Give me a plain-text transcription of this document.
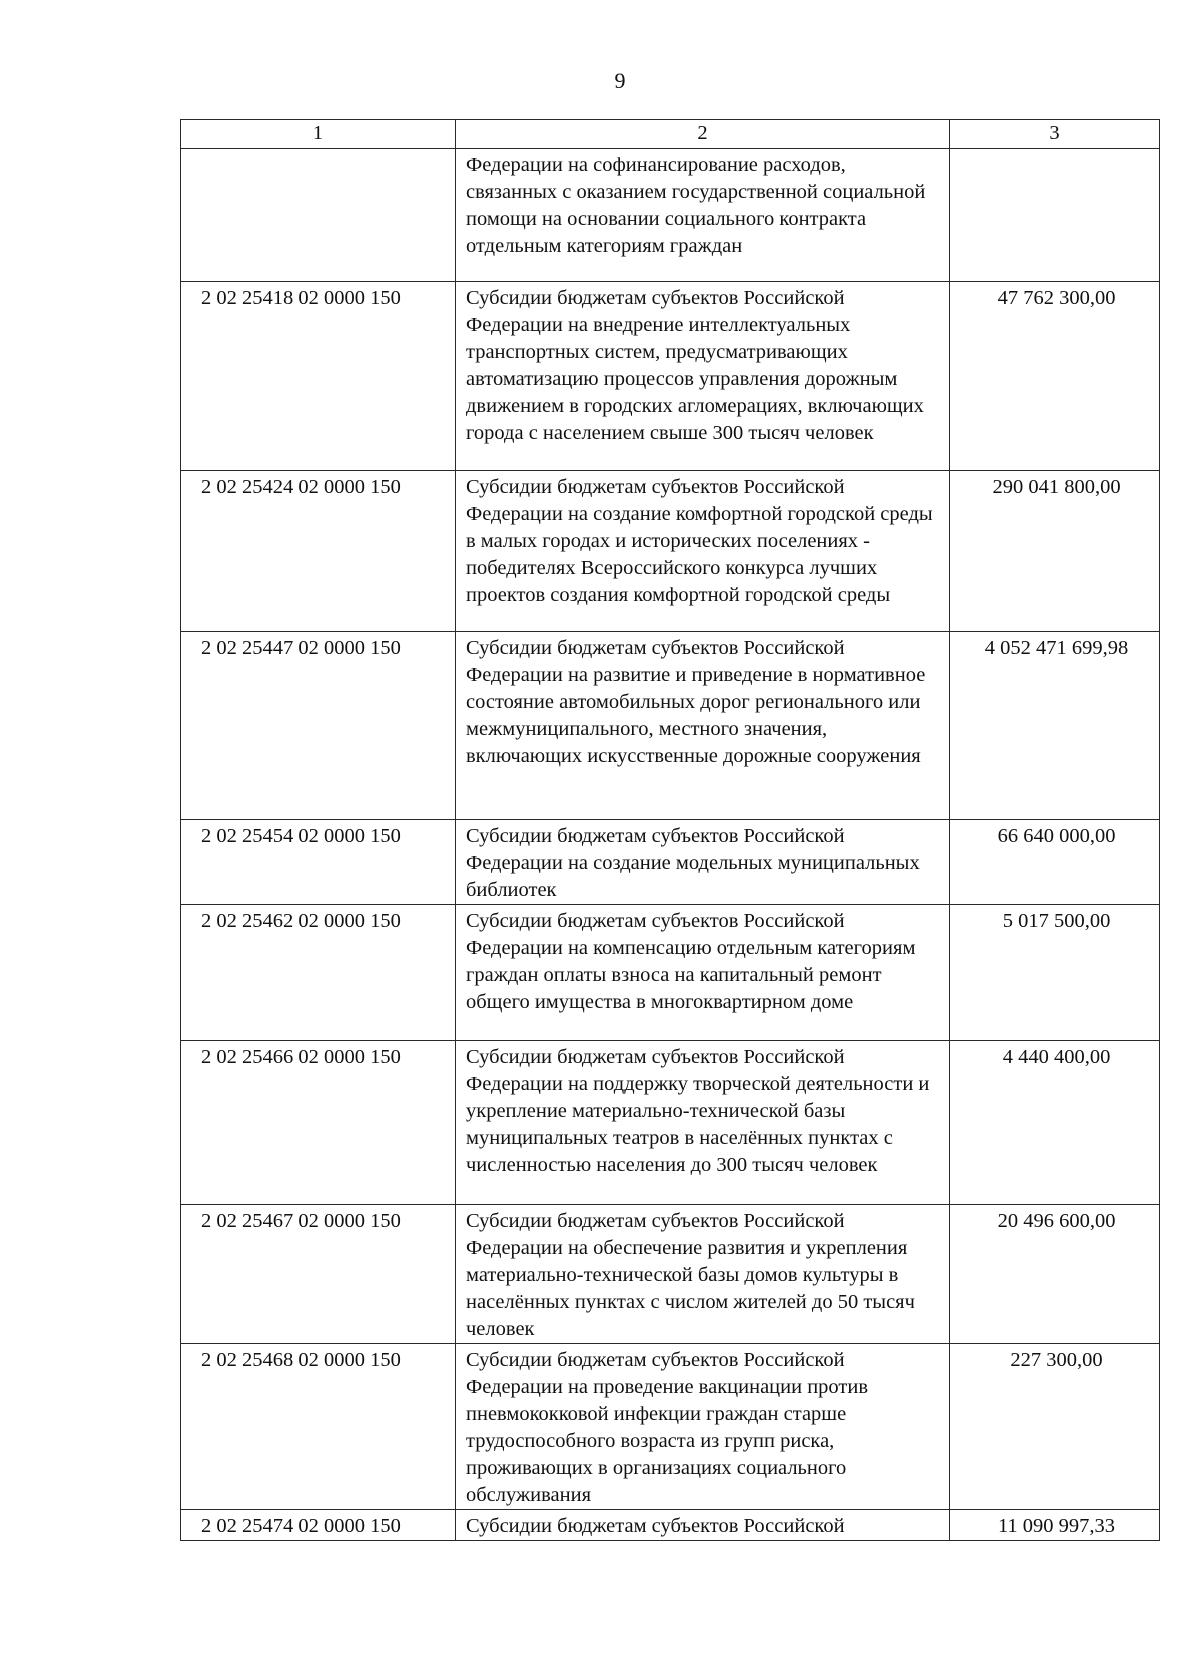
9
1	2	3

	Федерации на софинансирование расходов, связанных с оказанием государственной социальной помощи на основании социального контракта отдельным категориям граждан	

2 02 25418 02 0000 150	Субсидии бюджетам субъектов Российской Федерации на внедрение интеллектуальных транспортных систем, предусматривающих автоматизацию процессов управления дорожным движением в городских агломерациях, включающих города с населением свыше 300 тысяч человек	47 762 300,00
2 02 25424 02 0000 150	Субсидии бюджетам субъектов Российской Федерации на создание комфортной городской среды в малых городах и исторических поселениях - победителях Всероссийского конкурса лучших проектов создания комфортной городской среды	290 041 800,00
2 02 25447 02 0000 150	Субсидии бюджетам субъектов Российской Федерации на развитие и приведение в нормативное состояние автомобильных дорог регионального или межмуниципального, местного значения, включающих искусственные дорожные сооружения	4 052 471 699,98
2 02 25454 02 0000 150	Субсидии бюджетам субъектов Российской Федерации на создание модельных муниципальных библиотек	66 640 000,00
2 02 25462 02 0000 150	Субсидии бюджетам субъектов Российской Федерации на компенсацию отдельным категориям граждан оплаты взноса на капитальный ремонт общего имущества в многоквартирном доме	5 017 500,00
2 02 25466 02 0000 150	Субсидии бюджетам субъектов Российской Федерации на поддержку творческой деятельности и укрепление материально-технической базы муниципальных театров в населённых пунктах с численностью населения до 300 тысяч человек	4 440 400,00
2 02 25467 02 0000 150	Субсидии бюджетам субъектов Российской Федерации на обеспечение развития и укрепления материально-технической базы домов культуры в населённых пунктах с числом жителей до 50 тысяч человек	20 496 600,00
2 02 25468 02 0000 150	Субсидии бюджетам субъектов Российской Федерации на проведение вакцинации против пневмококковой инфекции граждан старше трудоспособного возраста из групп риска, проживающих в организациях социального обслуживания	227 300,00
2 02 25474 02 0000 150	Субсидии бюджетам субъектов Российской	11 090 997,33
